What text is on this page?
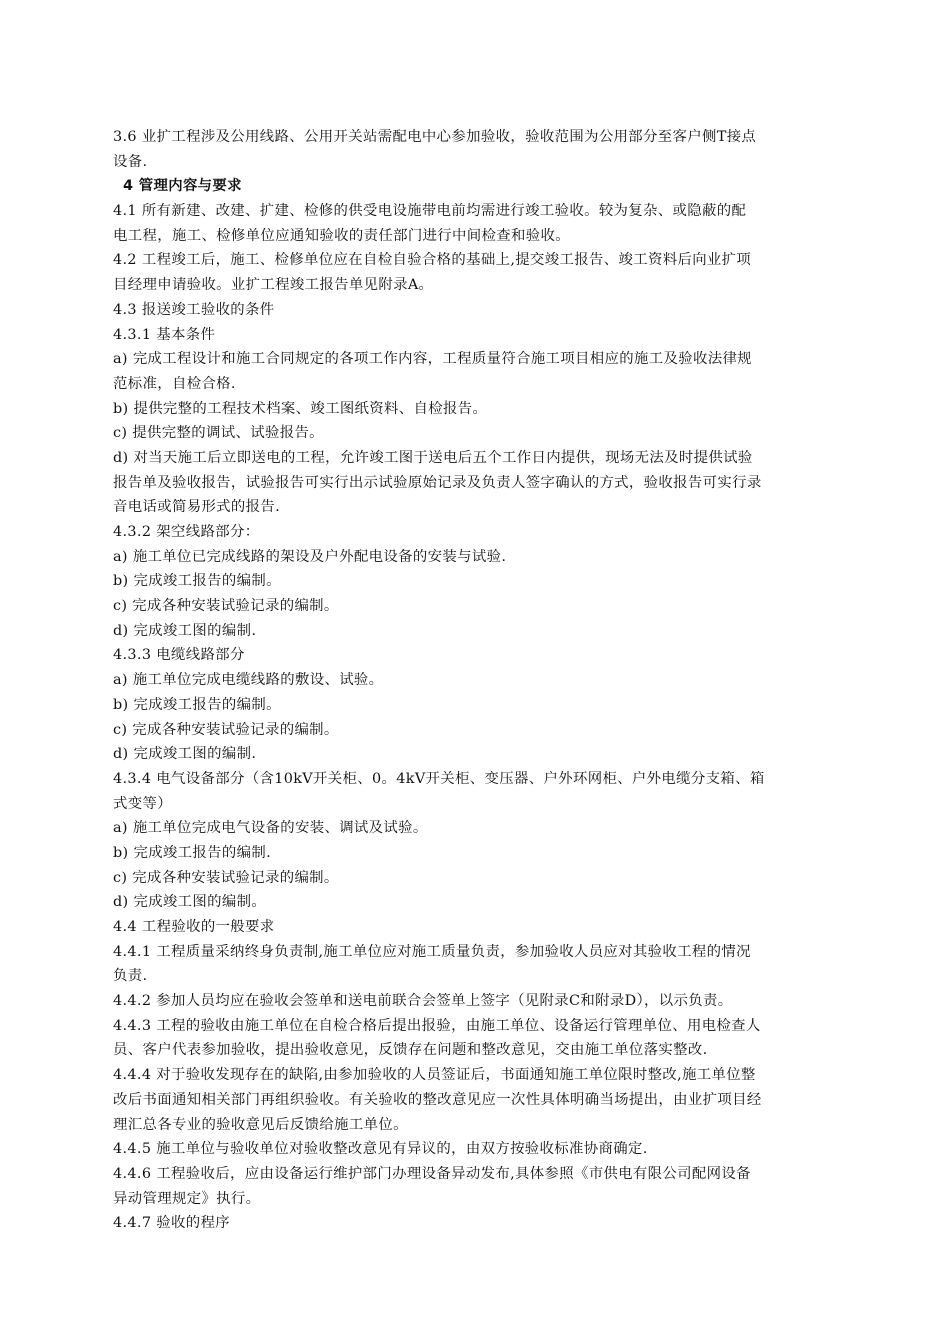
3.6 业扩工程涉及公用线路、公用开关站需配电中心参加验收，验收范围为公用部分至客户侧T接点
设备.
4 管理内容与要求
4.1 所有新建、改建、扩建、检修的供受电设施带电前均需进行竣工验收。较为复杂、或隐蔽的配
电工程，施工、检修单位应通知验收的责任部门进行中间检查和验收。
4.2 工程竣工后，施工、检修单位应在自检自验合格的基础上,提交竣工报告、竣工资料后向业扩项
目经理申请验收。业扩工程竣工报告单见附录A。
4.3 报送竣工验收的条件
4.3.1 基本条件
a) 完成工程设计和施工合同规定的各项工作内容，工程质量符合施工项目相应的施工及验收法律规
范标准，自检合格.
b) 提供完整的工程技术档案、竣工图纸资料、自检报告。
c) 提供完整的调试、试验报告。
d) 对当天施工后立即送电的工程，允许竣工图于送电后五个工作日内提供，现场无法及时提供试验
报告单及验收报告，试验报告可实行出示试验原始记录及负责人签字确认的方式，验收报告可实行录
音电话或简易形式的报告.
4.3.2 架空线路部分：
a) 施工单位已完成线路的架设及户外配电设备的安装与试验.
b) 完成竣工报告的编制。
c) 完成各种安装试验记录的编制。
d) 完成竣工图的编制.
4.3.3 电缆线路部分
a) 施工单位完成电缆线路的敷设、试验。
b) 完成竣工报告的编制。
c) 完成各种安装试验记录的编制。
d) 完成竣工图的编制.
4.3.4 电气设备部分（含10kV开关柜、0。4kV开关柜、变压器、户外环网柜、户外电缆分支箱、箱
式变等）
a) 施工单位完成电气设备的安装、调试及试验。
b) 完成竣工报告的编制.
c) 完成各种安装试验记录的编制。
d) 完成竣工图的编制。
4.4 工程验收的一般要求
4.4.1 工程质量采纳终身负责制,施工单位应对施工质量负责，参加验收人员应对其验收工程的情况
负责.
4.4.2 参加人员均应在验收会签单和送电前联合会签单上签字（见附录C和附录D），以示负责。
4.4.3 工程的验收由施工单位在自检合格后提出报验，由施工单位、设备运行管理单位、用电检查人
员、客户代表参加验收，提出验收意见，反馈存在问题和整改意见，交由施工单位落实整改.
4.4.4 对于验收发现存在的缺陷,由参加验收的人员签证后，书面通知施工单位限时整改,施工单位整
改后书面通知相关部门再组织验收。有关验收的整改意见应一次性具体明确当场提出，由业扩项目经
理汇总各专业的验收意见后反馈给施工单位。
4.4.5 施工单位与验收单位对验收整改意见有异议的，由双方按验收标准协商确定.
4.4.6 工程验收后，应由设备运行维护部门办理设备异动发布,具体参照《市供电有限公司配网设备
异动管理规定》执行。
4.4.7 验收的程序
